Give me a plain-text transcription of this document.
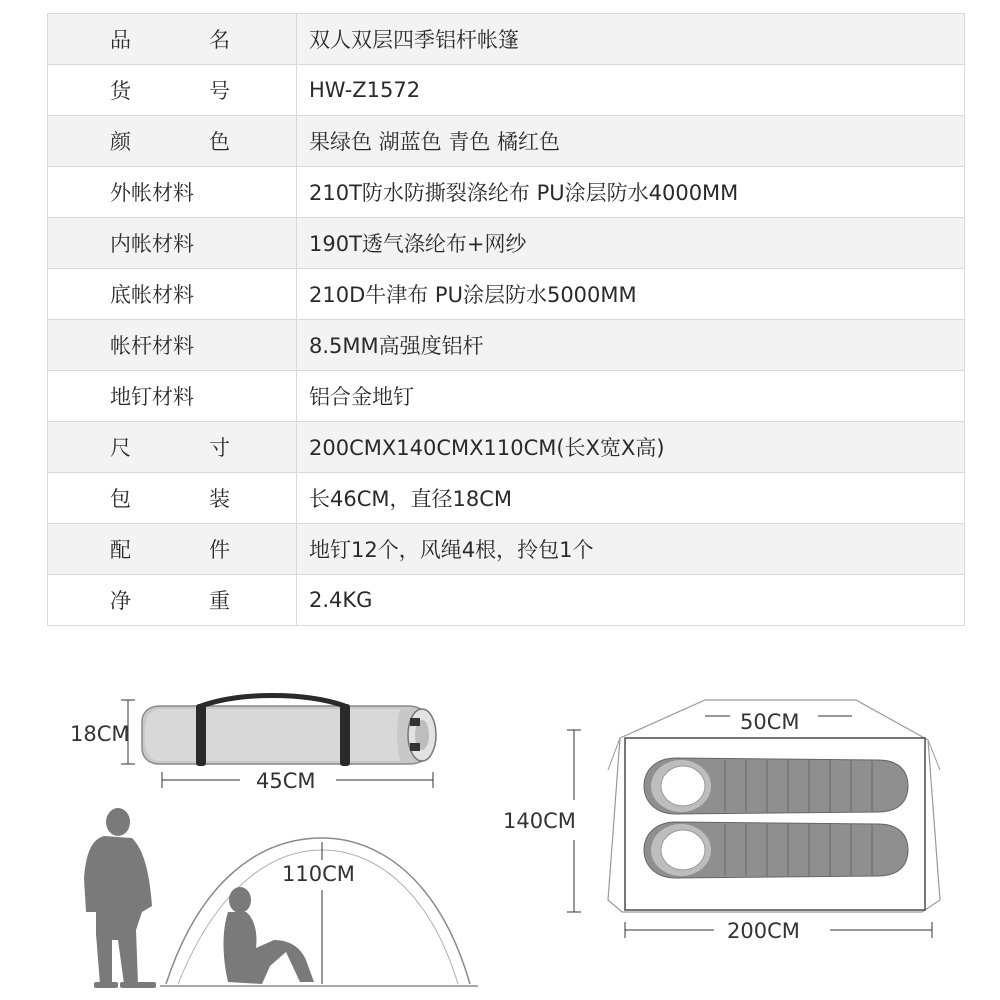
品 名	双人双层四季铝杆帐篷

货 号	HW-Z1572

颜 色	果绿色 湖蓝色 青色 橘红色

外帐材料	210T防水防撕裂涤纶布 PU涂层防水4000MM

内帐材料	190T透气涤纶布+网纱

底帐材料	210D牛津布 PU涂层防水5000MM

帐杆材料	8.5MM高强度铝杆

地钉材料	铝合金地钉

尺 寸	200CMX140CMX110CM(长X宽X高)

包 装	长46CM，直径18CM

配 件	地钉12个，风绳4根，拎包1个

净 重	2.4KG
18CM
45CM
110CM
50CM
140CM
200CM
